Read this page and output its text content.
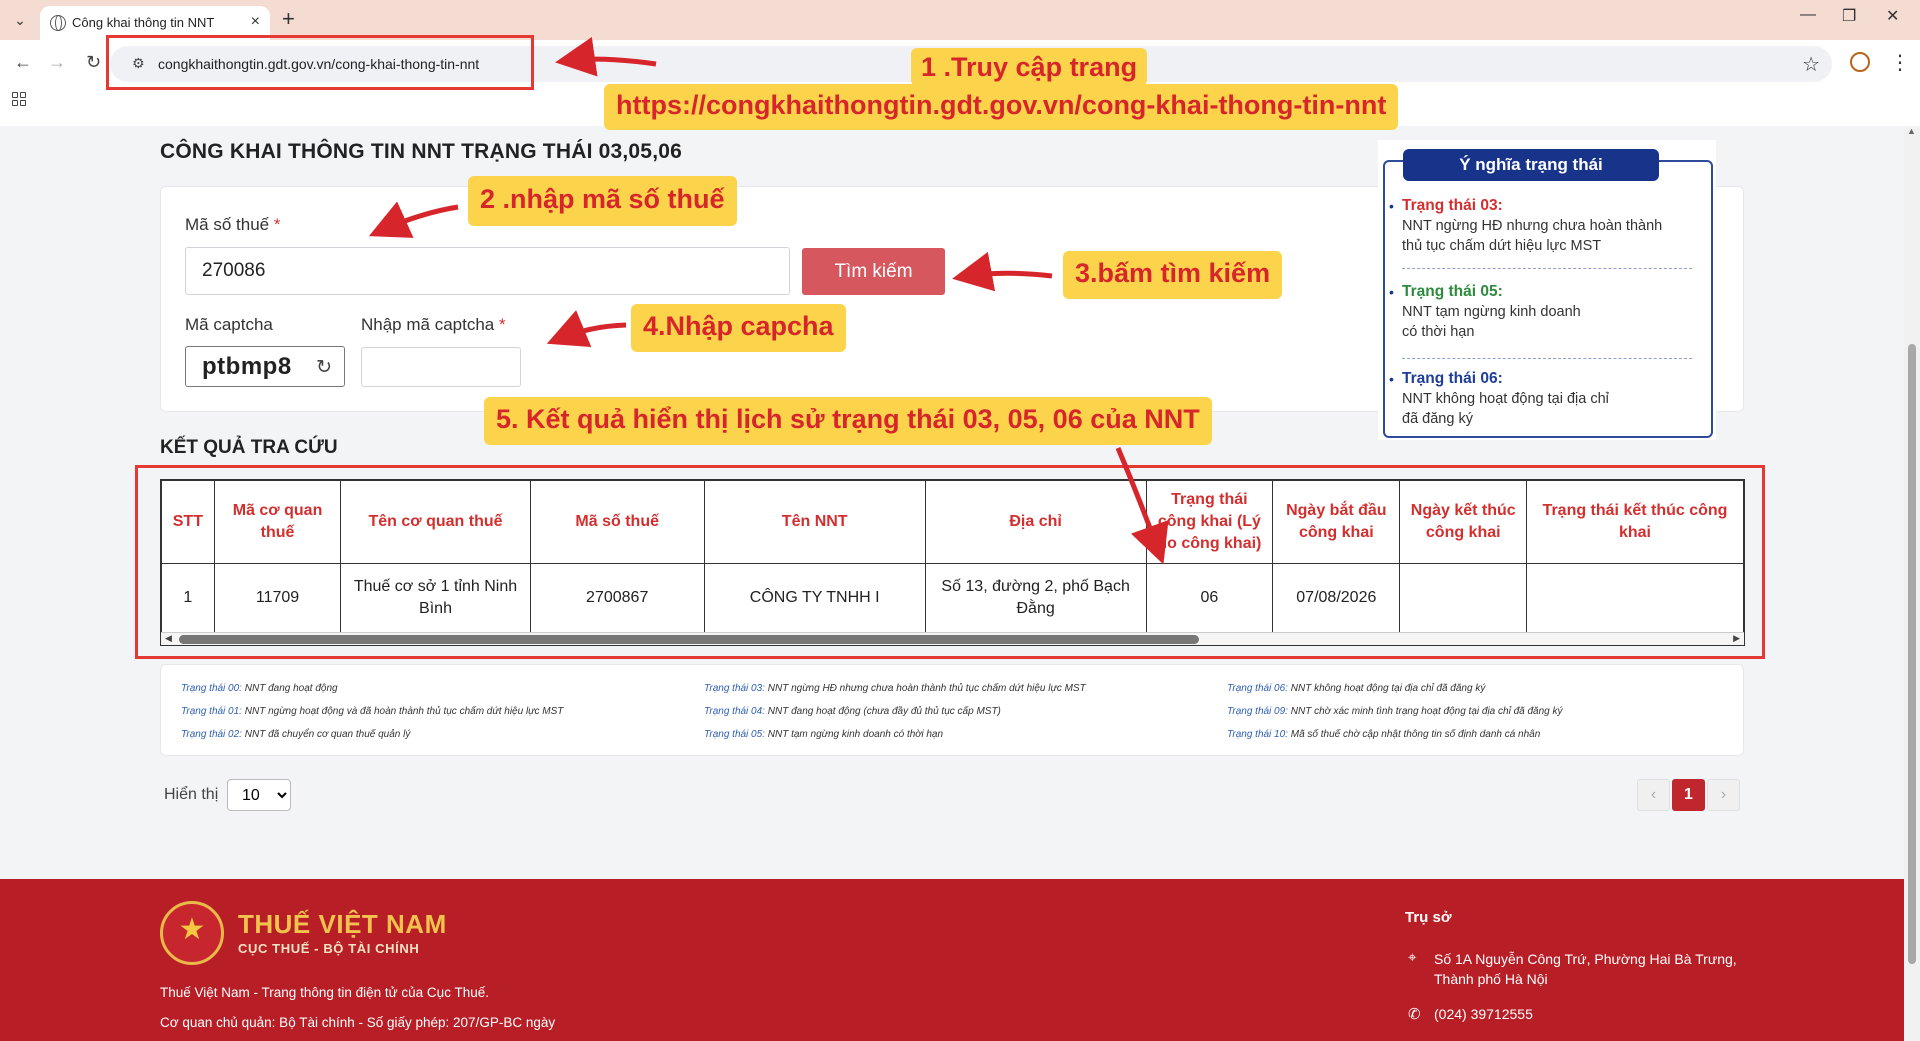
⌄	Công khai thông tin NNT × +	— ❐ ✕
← → ↻ ⚙ congkhaithongtin.gdt.gov.vn/cong-khai-thong-tin-nnt	☆	⋮
▲
CÔNG KHAI THÔNG TIN NNT TRẠNG THÁI 03,05,06
Mã số thuế *
270086
Tìm kiếm
Mã captcha	Nhập mã captcha *
ptbmp8 ↻
Ý nghĩa trạng thái
• Trạng thái 03:
NNT ngừng HĐ nhưng chưa hoàn thành
thủ tục chấm dứt hiệu lực MST
• Trạng thái 05:
NNT tạm ngừng kinh doanh
có thời hạn
• Trạng thái 06:
NNT không hoạt động tại địa chỉ
đã đăng ký
KẾT QUẢ TRA CỨU
STT	Mã cơ quan thuế	Tên cơ quan thuế	Mã số thuế	Tên NNT	Địa chỉ	Trạng thái công khai (Lý do công khai)	Ngày bắt đầu công khai	Ngày kết thúc công khai	Trạng thái kết thúc công khai
1	11709	Thuế cơ sở 1 tỉnh Ninh Bình	2700867	CÔNG TY TNHH I	Số 13, đường 2, phố Bạch Đằng	06	07/08/2026		
◀	▶
Trạng thái 00: NNT đang hoạt động
Trạng thái 01: NNT ngừng hoạt động và đã hoàn thành thủ tục chấm dứt hiệu lực MST
Trạng thái 02: NNT đã chuyển cơ quan thuế quản lý
Trạng thái 03: NNT ngừng HĐ nhưng chưa hoàn thành thủ tục chấm dứt hiệu lực MST
Trạng thái 04: NNT đang hoạt động (chưa đầy đủ thủ tục cấp MST)
Trạng thái 05: NNT tạm ngừng kinh doanh có thời hạn
Trạng thái 06: NNT không hoạt động tại địa chỉ đã đăng ký
Trạng thái 09: NNT chờ xác minh tình trạng hoạt động tại địa chỉ đã đăng ký
Trạng thái 10: Mã số thuế chờ cập nhật thông tin số định danh cá nhân
Hiển thị
10	‹	1	›
★	THUẾ VIỆT NAM
CỤC THUẾ - BỘ TÀI CHÍNH
Thuế Việt Nam - Trang thông tin điện tử của Cục Thuế.
Cơ quan chủ quản: Bộ Tài chính - Số giấy phép: 207/GP-BC ngày
Trụ sở
⌖ Số 1A Nguyễn Công Trứ, Phường Hai Bà Trưng, Thành phố Hà Nội
✆ (024) 39712555
1 .Truy cập trang
https://congkhaithongtin.gdt.gov.vn/cong-khai-thong-tin-nnt
2 .nhập mã số thuế
3.bấm tìm kiếm
4.Nhập capcha
5. Kết quả hiển thị lịch sử trạng thái 03, 05, 06 của NNT
